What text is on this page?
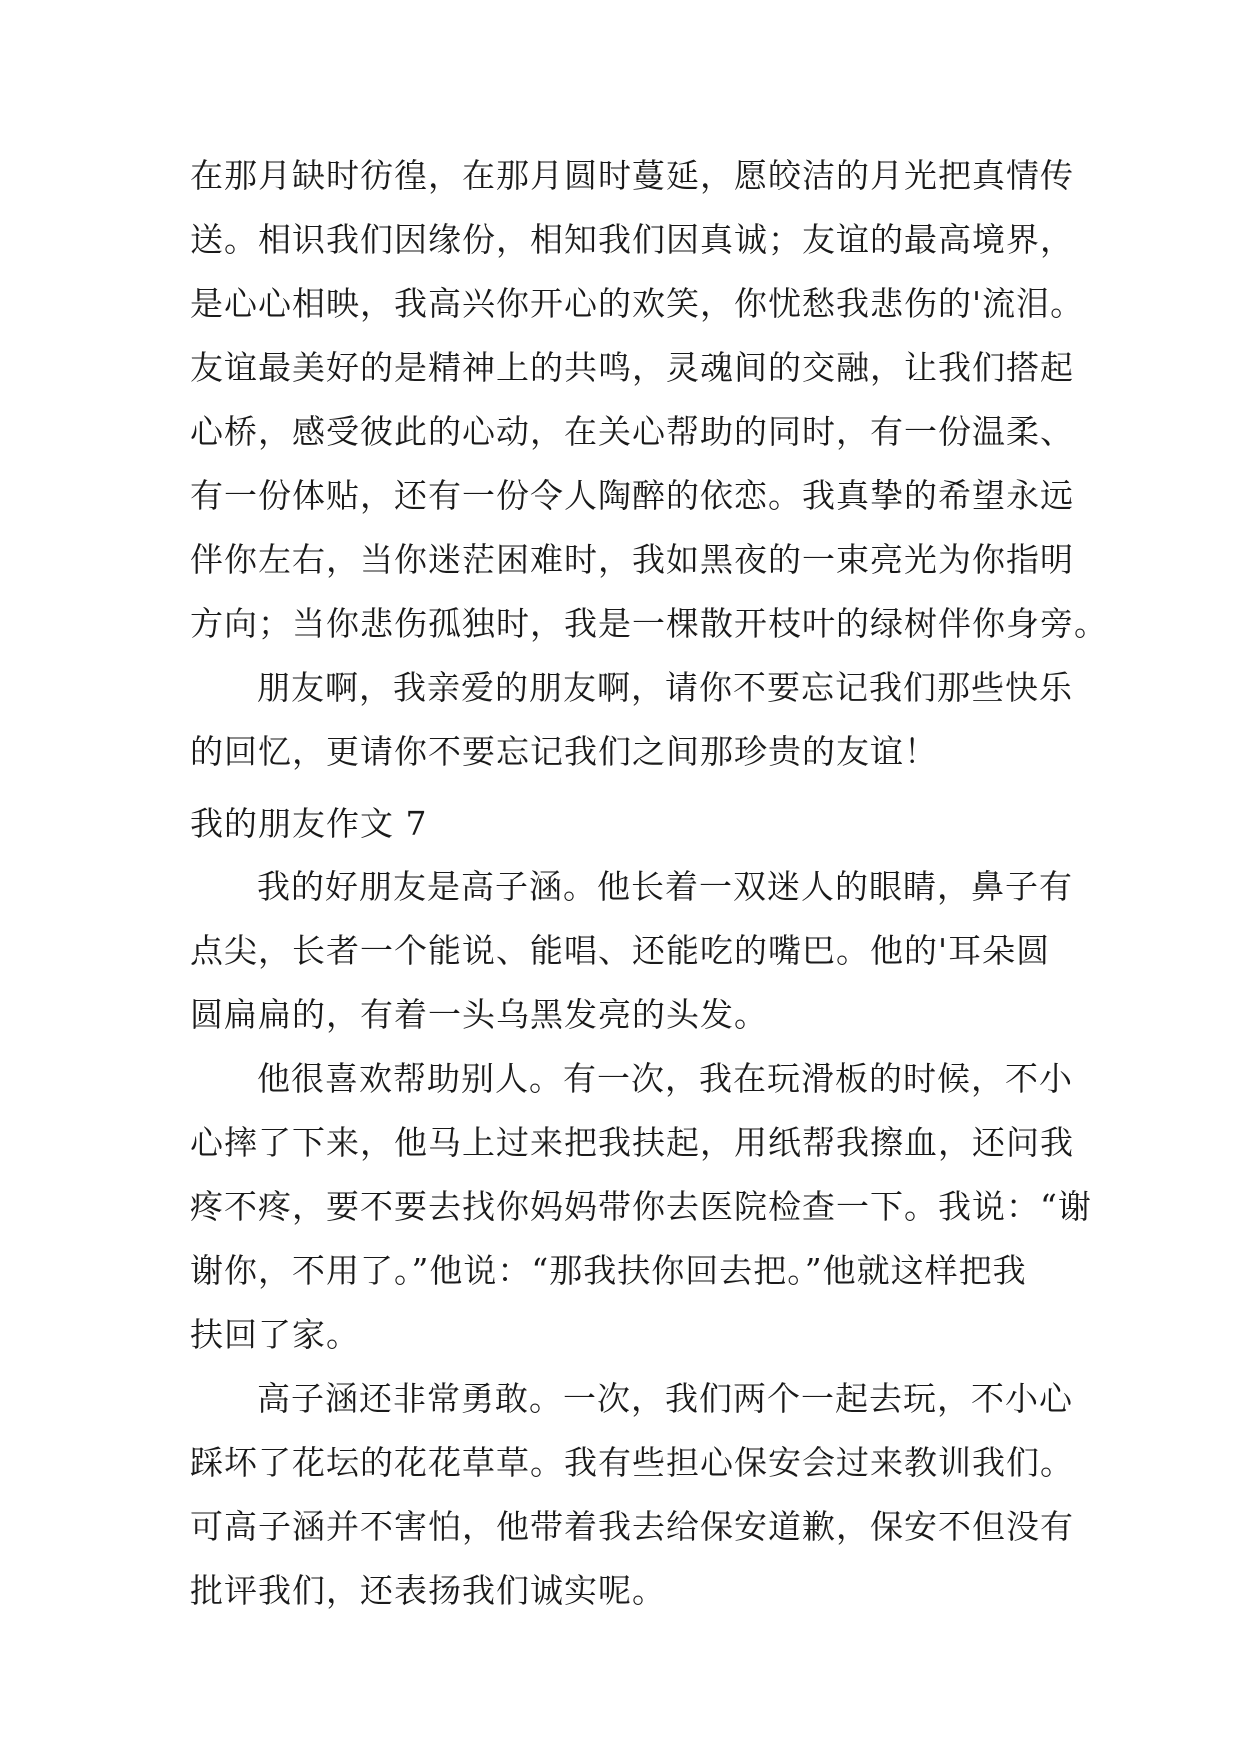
在那月缺时彷徨，在那月圆时蔓延，愿皎洁的月光把真情传
送。相识我们因缘份，相知我们因真诚；友谊的最高境界，
是心心相映，我高兴你开心的欢笑，你忧愁我悲伤的'流泪。
友谊最美好的是精神上的共鸣，灵魂间的交融，让我们搭起
心桥，感受彼此的心动，在关心帮助的同时，有一份温柔、
有一份体贴，还有一份令人陶醉的依恋。我真挚的希望永远
伴你左右，当你迷茫困难时，我如黑夜的一束亮光为你指明
方向；当你悲伤孤独时，我是一棵散开枝叶的绿树伴你身旁。
朋友啊，我亲爱的朋友啊，请你不要忘记我们那些快乐
的回忆，更请你不要忘记我们之间那珍贵的友谊！
我的朋友作文 7
我的好朋友是高子涵。他长着一双迷人的眼睛，鼻子有
点尖，长者一个能说、能唱、还能吃的嘴巴。他的'耳朵圆
圆扁扁的，有着一头乌黑发亮的头发。
他很喜欢帮助别人。有一次，我在玩滑板的时候，不小
心摔了下来，他马上过来把我扶起，用纸帮我擦血，还问我
疼不疼，要不要去找你妈妈带你去医院检查一下。我说：“谢
谢你，不用了。”他说：“那我扶你回去把。”他就这样把我
扶回了家。
高子涵还非常勇敢。一次，我们两个一起去玩，不小心
踩坏了花坛的花花草草。我有些担心保安会过来教训我们。
可高子涵并不害怕，他带着我去给保安道歉，保安不但没有
批评我们，还表扬我们诚实呢。
